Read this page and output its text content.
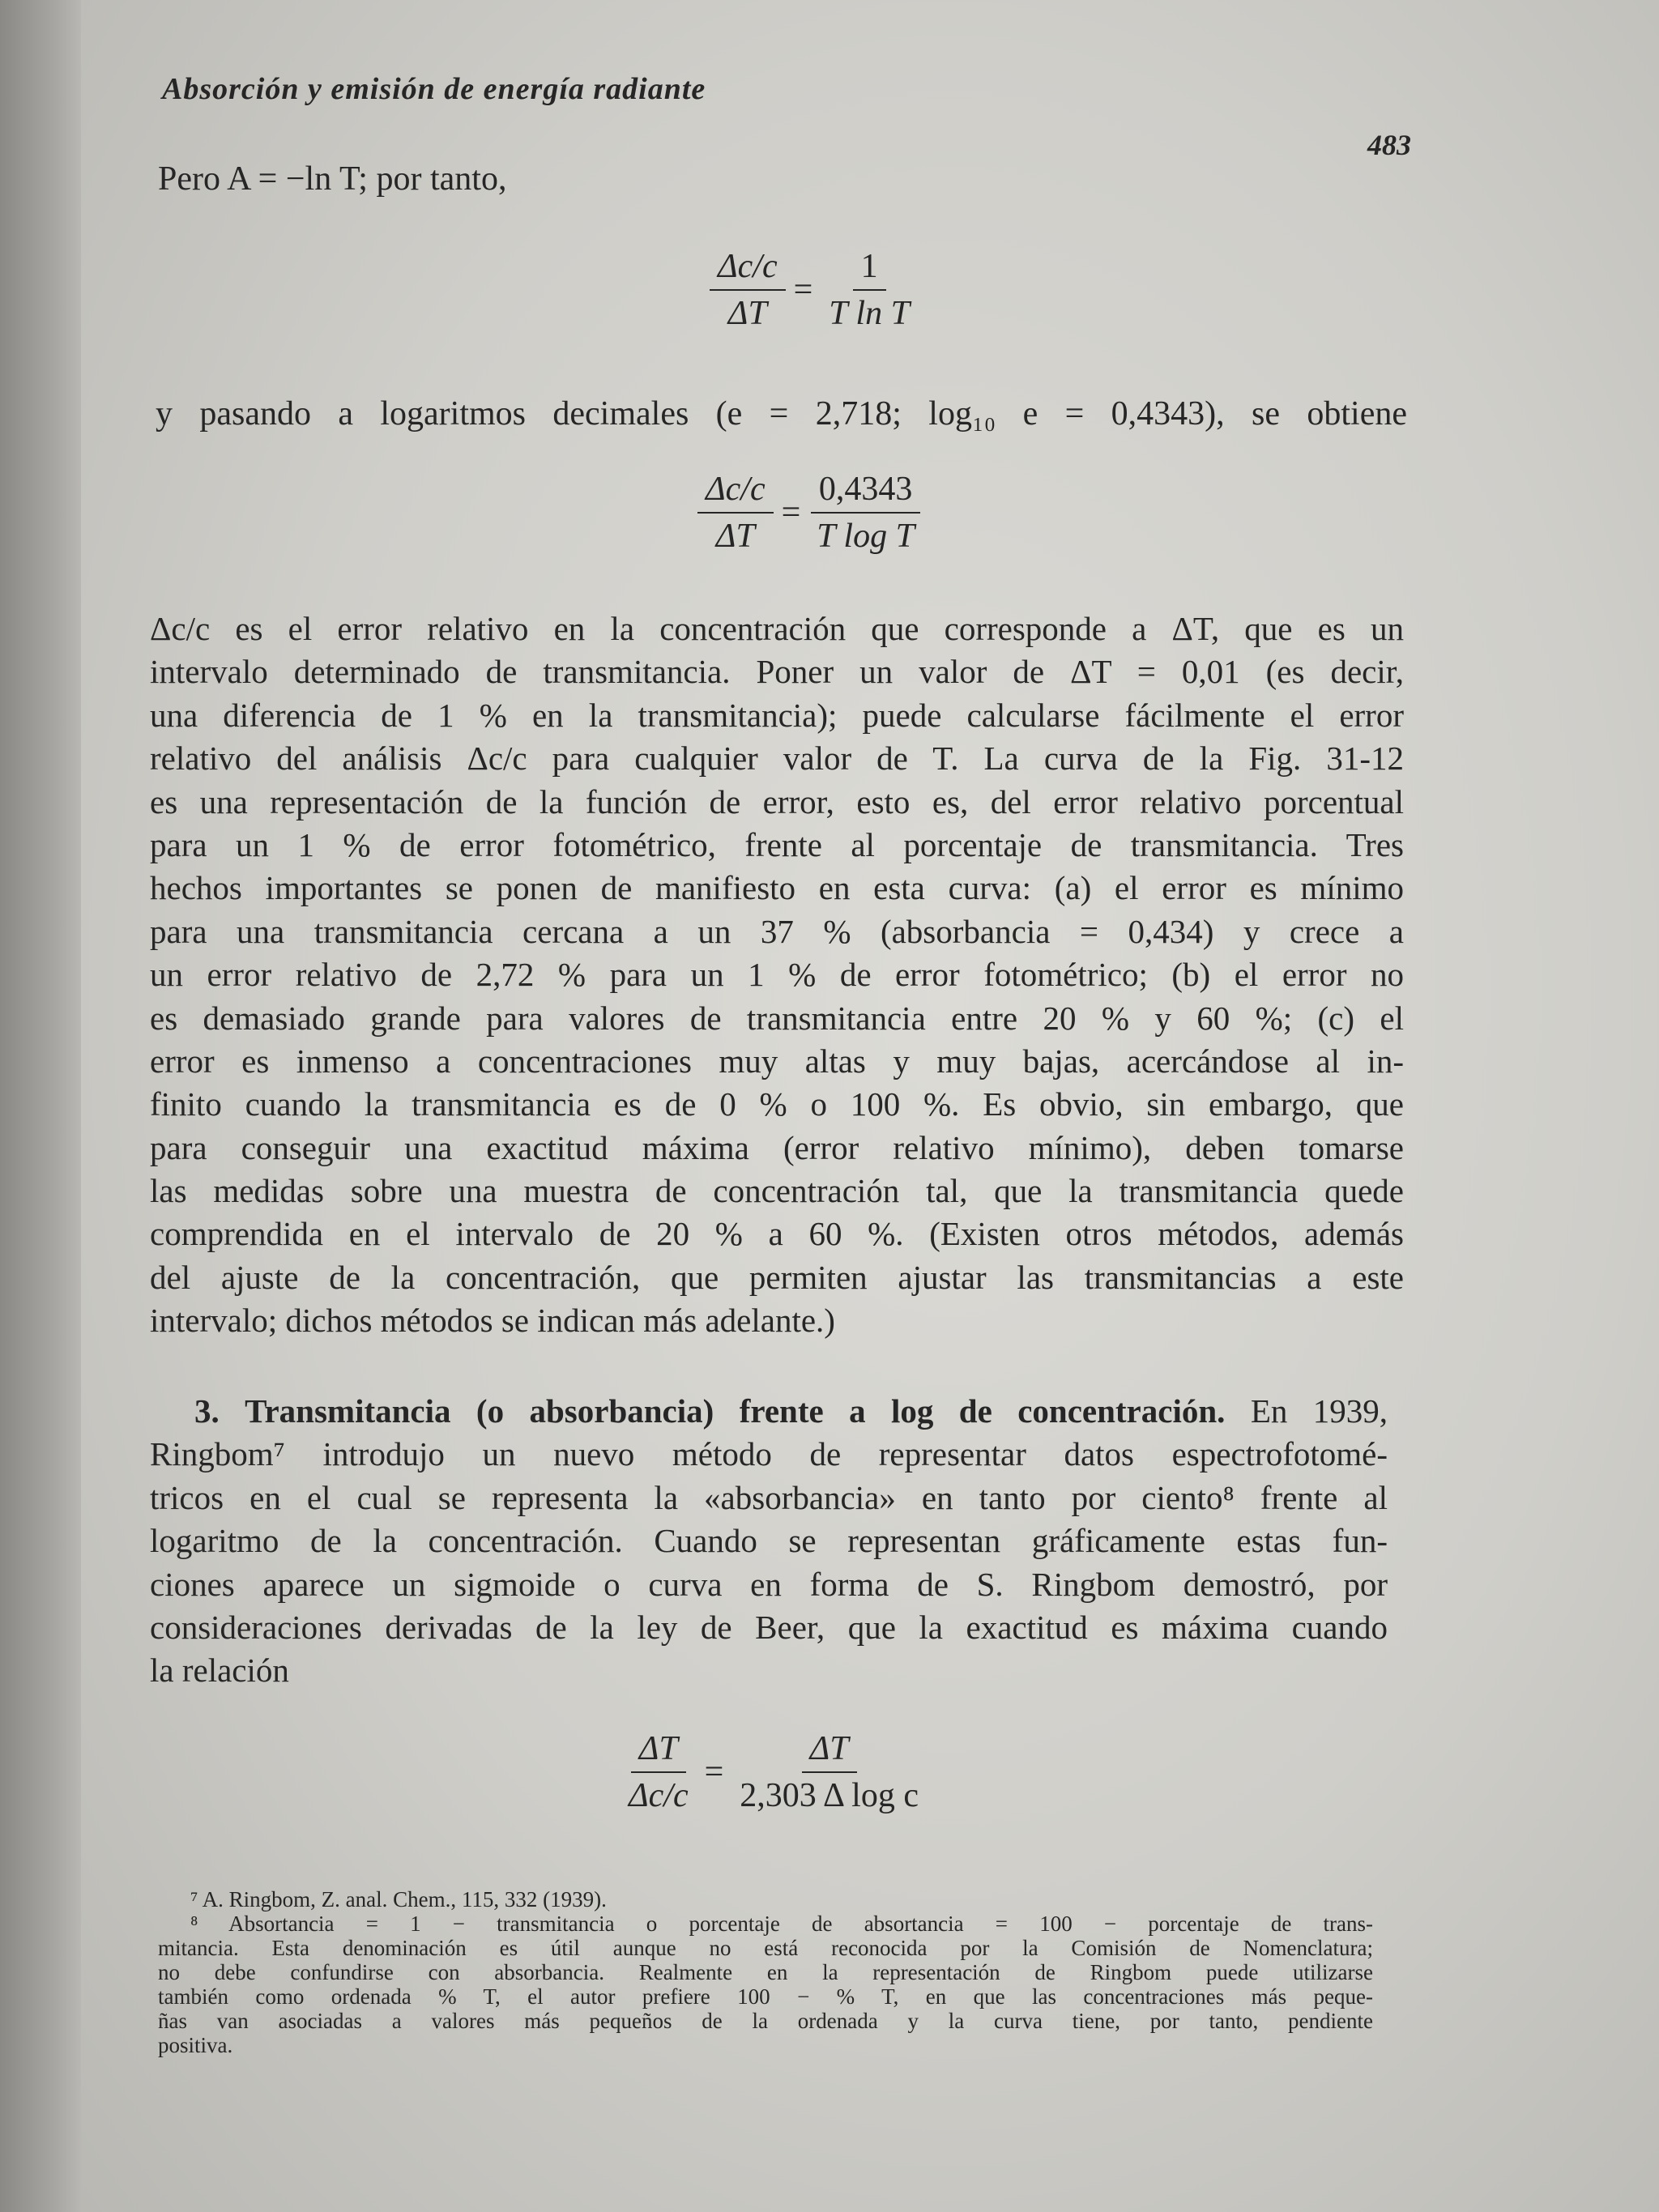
Absorción y emisión de energía radiante
483
Pero A = −ln T; por tanto,
$\frac{\Delta c/c}{\Delta T} = \frac{1}{\text{T ln T}}$
y pasando a logaritmos decimales (e = 2,718; log₁₀ e = 0,4343), se obtiene
$\frac{\Delta c/c}{\Delta T} = \frac{0,4343}{\text{T log T}}$
Δc/c es el error relativo en la concentración que corresponde a ΔT, que es un
intervalo determinado de transmitancia. Poner un valor de ΔT = 0,01 (es decir,
una diferencia de 1 % en la transmitancia); puede calcularse fácilmente el error
relativo del análisis Δc/c para cualquier valor de T. La curva de la Fig. 31-12
es una representación de la función de error, esto es, del error relativo porcentual
para un 1 % de error fotométrico, frente al porcentaje de transmitancia. Tres
hechos importantes se ponen de manifiesto en esta curva: (a) el error es mínimo
para una transmitancia cercana a un 37 % (absorbancia = 0,434) y crece a
un error relativo de 2,72 % para un 1 % de error fotométrico; (b) el error no
es demasiado grande para valores de transmitancia entre 20 % y 60 %; (c) el
error es inmenso a concentraciones muy altas y muy bajas, acercándose al in-
finito cuando la transmitancia es de 0 % o 100 %. Es obvio, sin embargo, que
para conseguir una exactitud máxima (error relativo mínimo), deben tomarse
las medidas sobre una muestra de concentración tal, que la transmitancia quede
comprendida en el intervalo de 20 % a 60 %. (Existen otros métodos, además
del ajuste de la concentración, que permiten ajustar las transmitancias a este
intervalo; dichos métodos se indican más adelante.)
3. Transmitancia (o absorbancia) frente a log de concentración. En 1939,
Ringbom⁷ introdujo un nuevo método de representar datos espectrofotomé-
tricos en el cual se representa la «absorbancia» en tanto por ciento⁸ frente al
logaritmo de la concentración. Cuando se representan gráficamente estas fun-
ciones aparece un sigmoide o curva en forma de S. Ringbom demostró, por
consideraciones derivadas de la ley de Beer, que la exactitud es máxima cuando
la relación
$\frac{\Delta T}{\Delta c/c} = \frac{\Delta T}{\text{2,303 Δ log c}}$
⁷ A. Ringbom, Z. anal. Chem., 115, 332 (1939).
⁸ Absortancia = 1 − transmitancia o porcentaje de absortancia = 100 − porcentaje de trans-
mitancia. Esta denominación es útil aunque no está reconocida por la Comisión de Nomenclatura;
no debe confundirse con absorbancia. Realmente en la representación de Ringbom puede utilizarse
también como ordenada % T, el autor prefiere 100 − % T, en que las concentraciones más peque-
ñas van asociadas a valores más pequeños de la ordenada y la curva tiene, por tanto, pendiente
positiva.
